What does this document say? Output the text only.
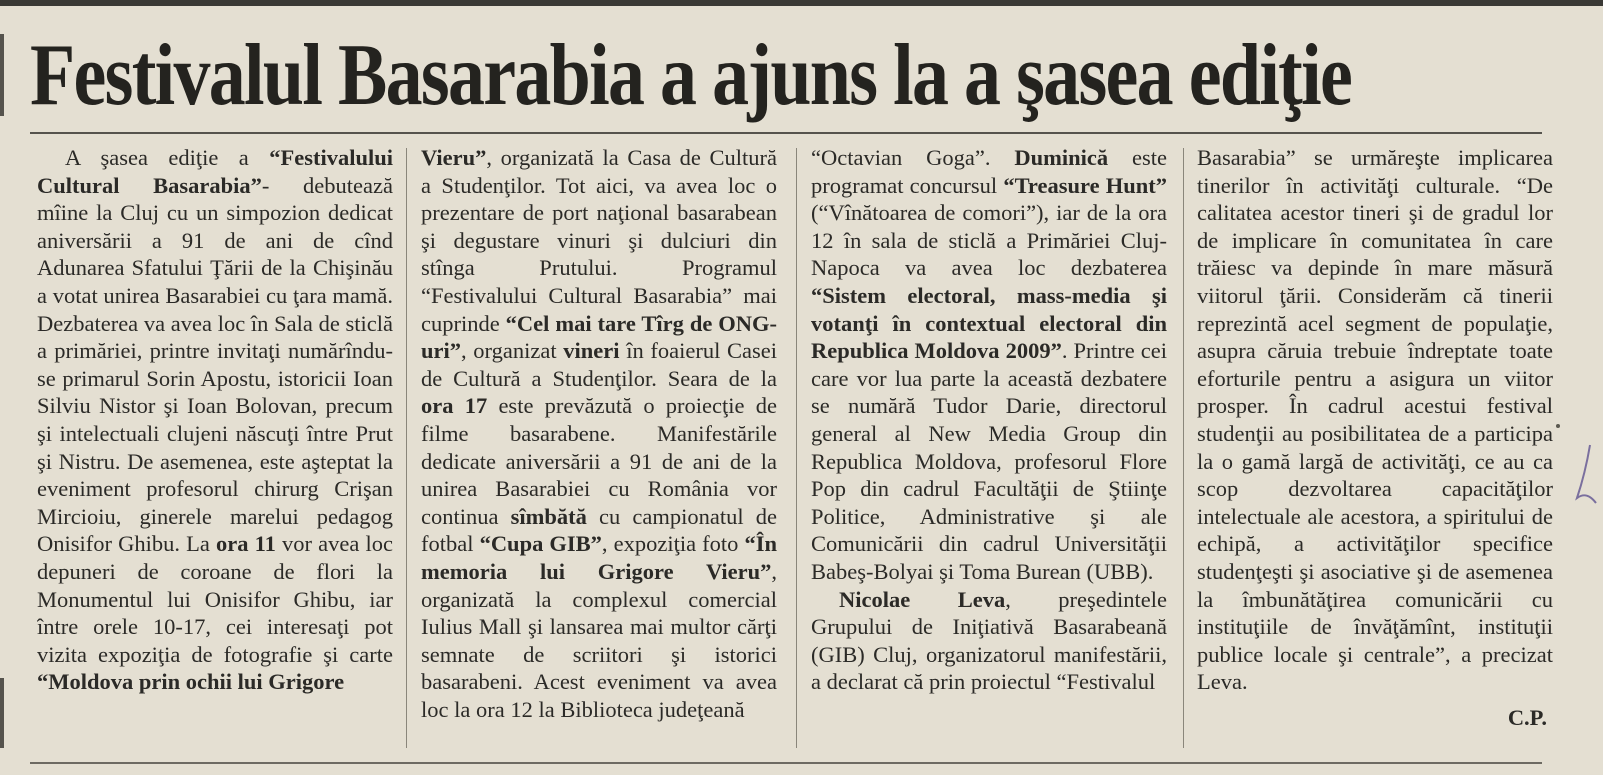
Festivalul Basarabia a ajuns la a şasea ediţie

A şasea ediţie a “Festivalului Cultural Basarabia”- debutează mîine la Cluj cu un simpozion dedicat aniversării a 91 de ani de cînd Adunarea Sfatului Ţării de la Chişinău a votat unirea Basarabiei cu ţara mamă. Dezbaterea va avea loc în Sala de sticlă a primăriei, printre invitaţi numărîndu-se primarul Sorin Apostu, istoricii Ioan Silviu Nistor şi Ioan Bolovan, precum şi intelectuali clujeni născuţi între Prut şi Nistru. De asemenea, este aşteptat la eveniment profesorul chirurg Crişan Mircioiu, ginerele marelui pedagog Onisifor Ghibu. La ora 11 vor avea loc depuneri de coroane de flori la Monumentul lui Onisifor Ghibu, iar între orele 10-17, cei interesaţi pot vizita expoziţia de fotografie şi carte “Moldova prin ochii lui Grigore

Vieru”, organizată la Casa de Cultură a Studenţilor. Tot aici, va avea loc o prezentare de port naţional basarabean şi degustare vinuri şi dulciuri din stînga Prutului. Programul “Festivalului Cultural Basarabia” mai cuprinde “Cel mai tare Tîrg de ONG-uri”, organizat vineri în foaierul Casei de Cultură a Studenţilor. Seara de la ora 17 este prevăzută o proiecţie de filme basarabene. Manifestările dedicate aniversării a 91 de ani de la unirea Basarabiei cu România vor continua sîmbătă cu campionatul de fotbal “Cupa GIB”, expoziţia foto “În memoria lui Grigore Vieru”, organizată la complexul comercial Iulius Mall şi lansarea mai multor cărţi semnate de scriitori şi istorici basarabeni. Acest eveniment va avea loc la ora 12 la Biblioteca judeţeană

“Octavian Goga”. Duminică este programat concursul “Treasure Hunt” (“Vînătoarea de comori”), iar de la ora 12 în sala de sticlă a Primăriei Cluj-Napoca va avea loc dezbaterea “Sistem electoral, mass-media şi votanţi în contextual electoral din Republica Moldova 2009”. Printre cei care vor lua parte la această dezbatere se numără Tudor Darie, directorul general al New Media Group din Republica Moldova, profesorul Flore Pop din cadrul Facultăţii de Ştiinţe Politice, Administrative şi ale Comunicării din cadrul Universităţii Babeş-Bolyai şi Toma Burean (UBB).

Nicolae Leva, preşedintele Grupului de Iniţiativă Basarabeană (GIB) Cluj, organizatorul manifestării, a declarat că prin proiectul “Festivalul

Basarabia” se urmăreşte implicarea tinerilor în activităţi culturale. “De calitatea acestor tineri şi de gradul lor de implicare în comunitatea în care trăiesc va depinde în mare măsură viitorul ţării. Considerăm că tinerii reprezintă acel segment de populaţie, asupra căruia trebuie îndreptate toate eforturile pentru a asigura un viitor prosper. În cadrul acestui festival studenţii au posibilitatea de a participa la o gamă largă de activităţi, ce au ca scop dezvoltarea capacităţilor intelectuale ale acestora, a spiritului de echipă, a activităţilor specifice studenţeşti şi asociative şi de asemenea la îmbunătăţirea comunicării cu instituţiile de învăţămînt, instituţii publice locale şi centrale”, a precizat Leva.

C.P.
